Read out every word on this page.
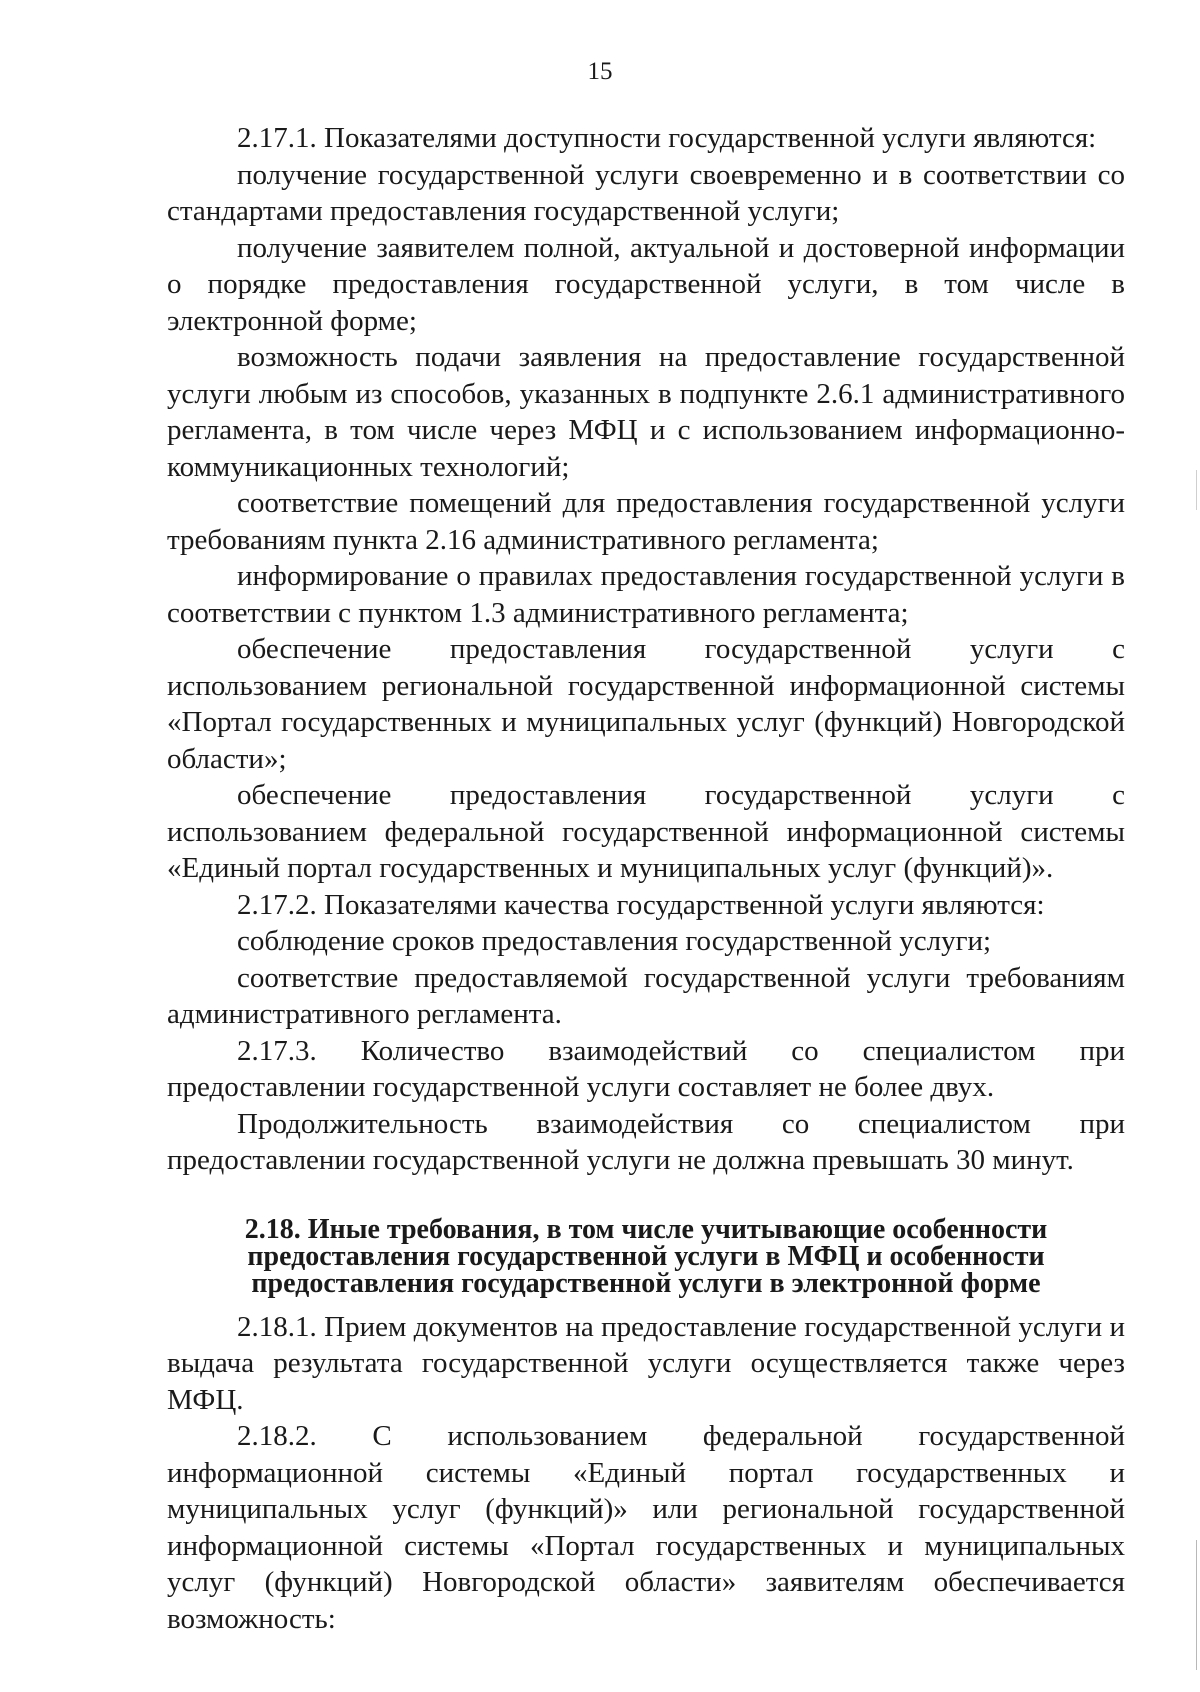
15

2.17.1. Показателями доступности государственной услуги являются:

получение государственной услуги своевременно и в соответствии со стандартами предоставления государственной услуги;

получение заявителем полной, актуальной и достоверной информации о порядке предоставления государственной услуги, в том числе в электронной форме;

возможность подачи заявления на предоставление государственной услуги любым из способов, указанных в подпункте 2.6.1 административного регламента, в том числе через МФЦ и с использованием информационно-коммуникационных технологий;

соответствие помещений для предоставления государственной услуги требованиям пункта 2.16 административного регламента;

информирование о правилах предоставления государственной услуги в соответствии с пунктом 1.3 административного регламента;

обеспечение предоставления государственной услуги с использованием региональной государственной информационной системы «Портал государственных и муниципальных услуг (функций) Новгородской области»;

обеспечение предоставления государственной услуги с использованием федеральной государственной информационной системы «Единый портал государственных и муниципальных услуг (функций)».

2.17.2. Показателями качества государственной услуги являются:

соблюдение сроков предоставления государственной услуги;

соответствие предоставляемой государственной услуги требованиям административного регламента.

2.17.3. Количество взаимодействий со специалистом при предоставлении государственной услуги составляет не более двух.

Продолжительность взаимодействия со специалистом при предоставлении государственной услуги не должна превышать 30 минут.

2.18. Иные требования, в том числе учитывающие особенности предоставления государственной услуги в МФЦ и особенности предоставления государственной услуги в электронной форме

2.18.1. Прием документов на предоставление государственной услуги и выдача результата государственной услуги осуществляется также через МФЦ.

2.18.2. С использованием федеральной государственной информационной системы «Единый портал государственных и муниципальных услуг (функций)» или региональной государственной информационной системы «Портал государственных и муниципальных услуг (функций) Новгородской области» заявителям обеспечивается возможность:
